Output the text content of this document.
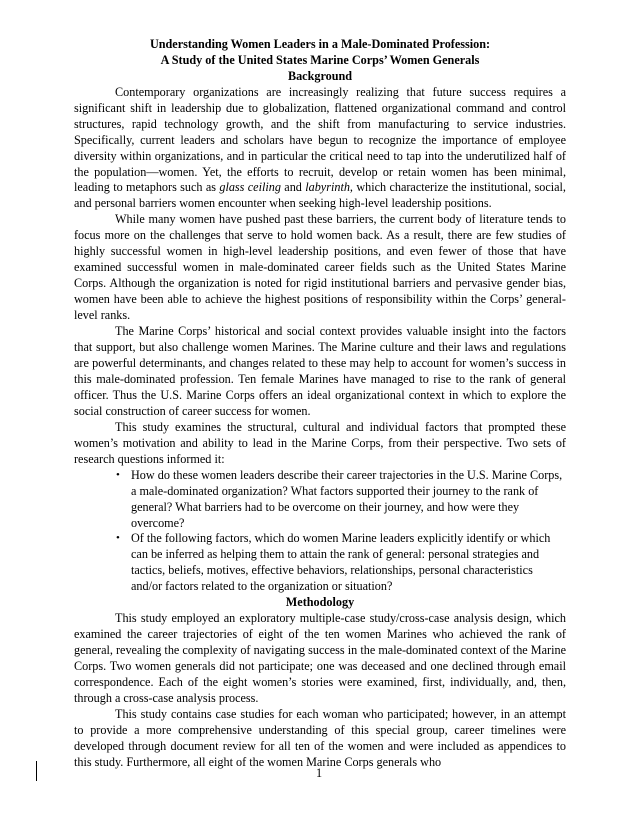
Understanding Women Leaders in a Male-Dominated Profession:
A Study of the United States Marine Corps’ Women Generals
Background

Contemporary organizations are increasingly realizing that future success requires a significant shift in leadership due to globalization, flattened organizational command and control structures, rapid technology growth, and the shift from manufacturing to service industries. Specifically, current leaders and scholars have begun to recognize the importance of employee diversity within organizations, and in particular the critical need to tap into the underutilized half of the population—women. Yet, the efforts to recruit, develop or retain women has been minimal, leading to metaphors such as glass ceiling and labyrinth, which characterize the institutional, social, and personal barriers women encounter when seeking high-level leadership positions.

While many women have pushed past these barriers, the current body of literature tends to focus more on the challenges that serve to hold women back. As a result, there are few studies of highly successful women in high-level leadership positions, and even fewer of those that have examined successful women in male-dominated career fields such as the United States Marine Corps. Although the organization is noted for rigid institutional barriers and pervasive gender bias, women have been able to achieve the highest positions of responsibility within the Corps’ general-level ranks.

The Marine Corps’ historical and social context provides valuable insight into the factors that support, but also challenge women Marines. The Marine culture and their laws and regulations are powerful determinants, and changes related to these may help to account for women’s success in this male-dominated profession. Ten female Marines have managed to rise to the rank of general officer. Thus the U.S. Marine Corps offers an ideal organizational context in which to explore the social construction of career success for women.

This study examines the structural, cultural and individual factors that prompted these women’s motivation and ability to lead in the Marine Corps, from their perspective. Two sets of research questions informed it:

• How do these women leaders describe their career trajectories in the U.S. Marine Corps, a male-dominated organization? What factors supported their journey to the rank of general? What barriers had to be overcome on their journey, and how were they overcome?
• Of the following factors, which do women Marine leaders explicitly identify or which can be inferred as helping them to attain the rank of general: personal strategies and tactics, beliefs, motives, effective behaviors, relationships, personal characteristics and/or factors related to the organization or situation?
Methodology

This study employed an exploratory multiple-case study/cross-case analysis design, which examined the career trajectories of eight of the ten women Marines who achieved the rank of general, revealing the complexity of navigating success in the male-dominated context of the Marine Corps. Two women generals did not participate; one was deceased and one declined through email correspondence. Each of the eight women’s stories were examined, first, individually, and, then, through a cross-case analysis process.

This study contains case studies for each woman who participated; however, in an attempt to provide a more comprehensive understanding of this special group, career timelines were developed through document review for all ten of the women and were included as appendices to this study. Furthermore, all eight of the women Marine Corps generals who

1
